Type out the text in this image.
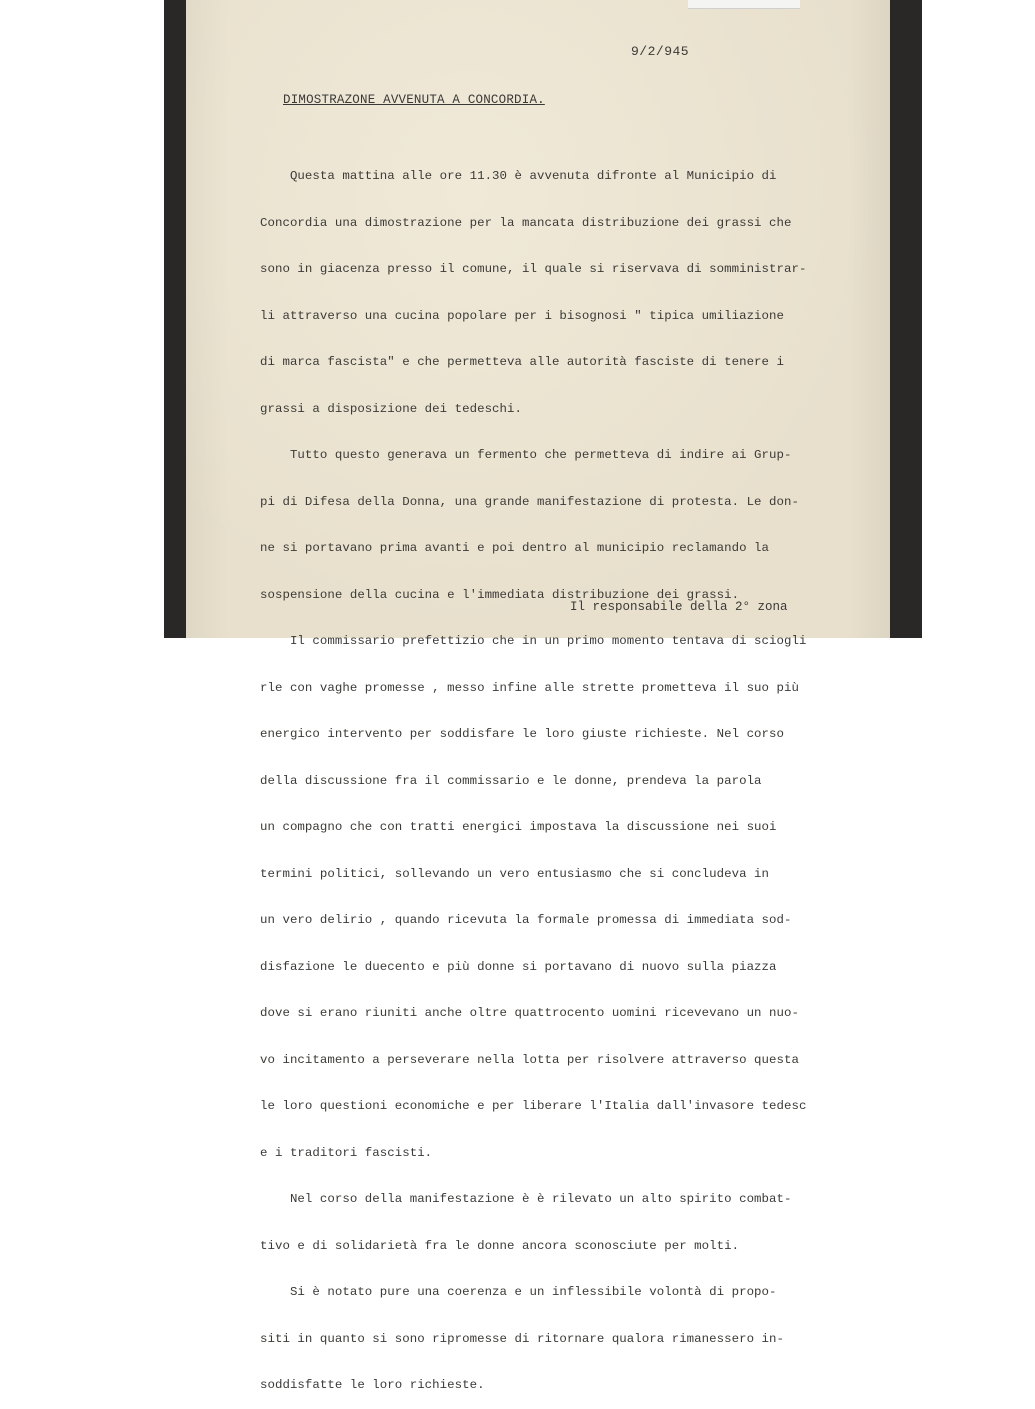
9/2/945
DIMOSTRAZONE AVVENUTA A CONCORDIA.

Questa mattina alle ore 11.30 è avvenuta difronte al Municipio di

Concordia una dimostrazione per la mancata distribuzione dei grassi che

sono in giacenza presso il comune, il quale si riservava di somministrar-

li attraverso una cucina popolare per i bisognosi " tipica umiliazione

di marca fascista" e che permetteva alle autorità fasciste di tenere i

grassi a disposizione dei tedeschi.

Tutto questo generava un fermento che permetteva di indire ai Grup-

pi di Difesa della Donna, una grande manifestazione di protesta. Le don-

ne si portavano prima avanti e poi dentro al municipio reclamando la

sospensione della cucina e l'immediata distribuzione dei grassi.

Il commissario prefettizio che in un primo momento tentava di sciogli

rle con vaghe promesse , messo infine alle strette prometteva il suo più

energico intervento per soddisfare le loro giuste richieste. Nel corso

della discussione fra il commissario e le donne, prendeva la parola

un compagno che con tratti energici impostava la discussione nei suoi

termini politici, sollevando un vero entusiasmo che si concludeva in

un vero delirio , quando ricevuta la formale promessa di immediata sod-

disfazione le duecento e più donne si portavano di nuovo sulla piazza

dove si erano riuniti anche oltre quattrocento uomini ricevevano un nuo-

vo incitamento a perseverare nella lotta per risolvere attraverso questa

le loro questioni economiche e per liberare l'Italia dall'invasore tedesc

e i traditori fascisti.

Nel corso della manifestazione è è rilevato un alto spirito combat-

tivo e di solidarietà fra le donne ancora sconosciute per molti.

Si è notato pure una coerenza e un inflessibile volontà di propo-

siti in quanto si sono ripromesse di ritornare qualora rimanessero in-

soddisfatte le loro richieste.

Il responsabile della 2° zona
